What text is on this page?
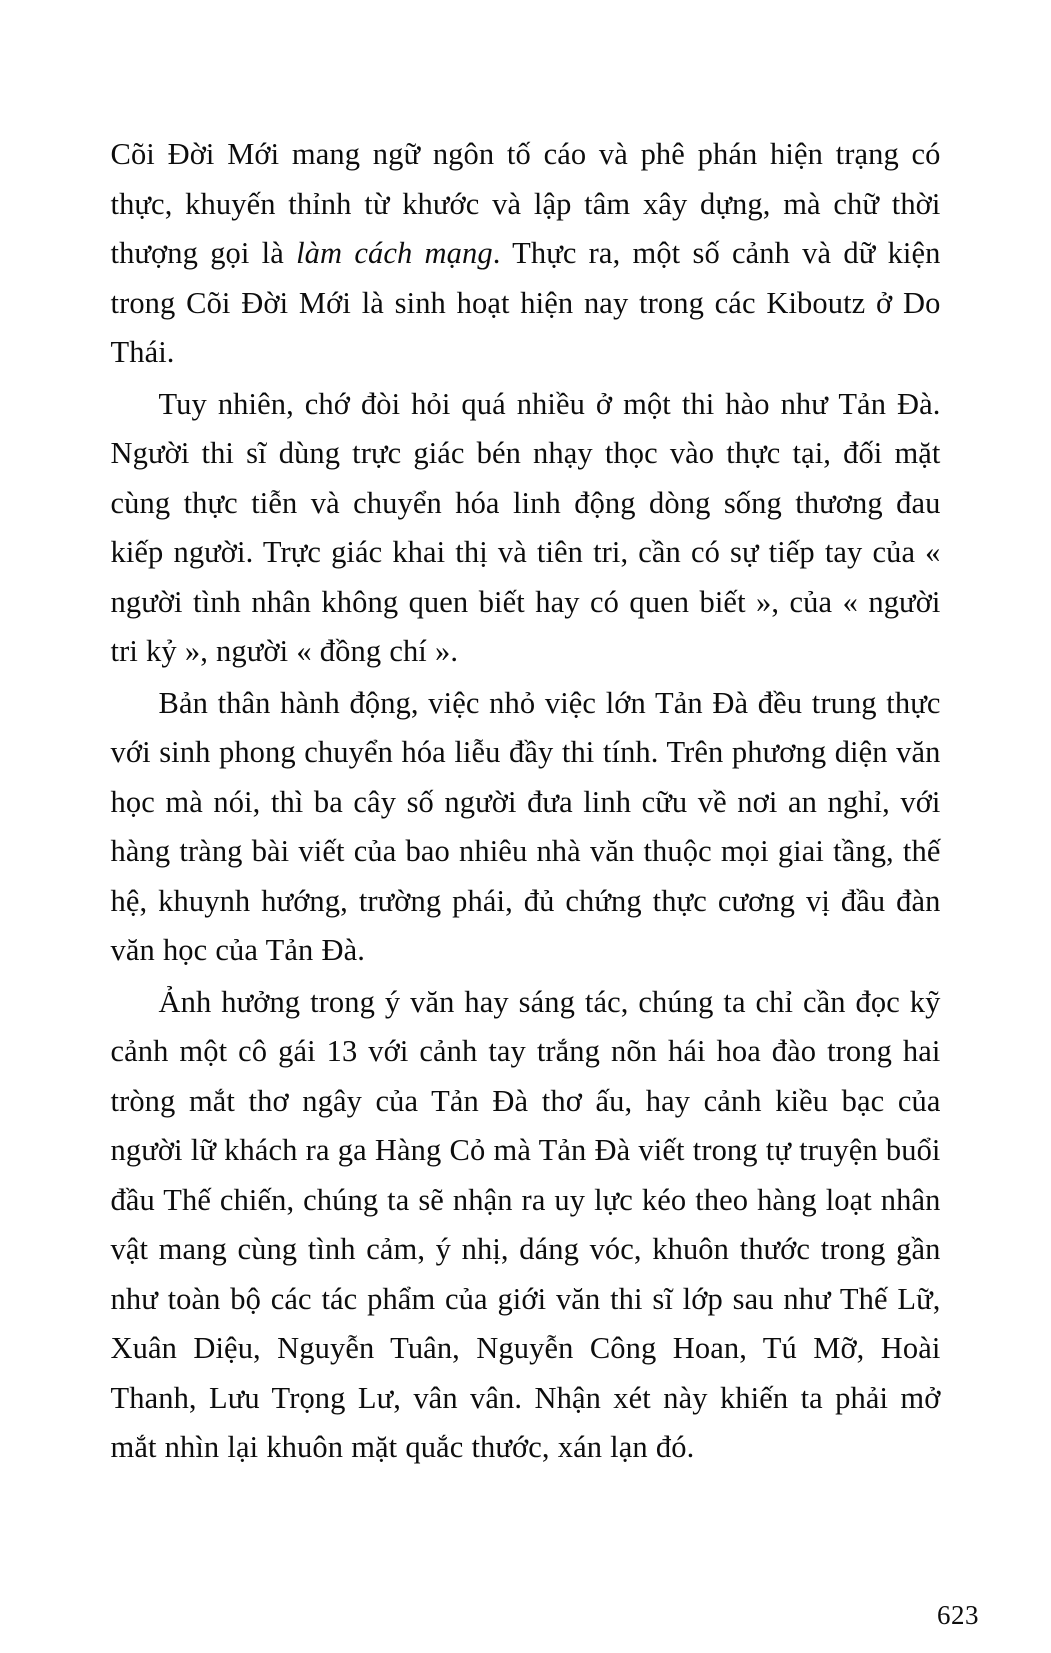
Cõi Đời Mới mang ngữ ngôn tố cáo và phê phán hiện trạng có thực, khuyến thỉnh từ khước và lập tâm xây dựng, mà chữ thời thượng gọi là làm cách mạng. Thực ra, một số cảnh và dữ kiện trong Cõi Đời Mới là sinh hoạt hiện nay trong các Kiboutz ở Do Thái.

Tuy nhiên, chớ đòi hỏi quá nhiều ở một thi hào như Tản Đà. Người thi sĩ dùng trực giác bén nhạy thọc vào thực tại, đối mặt cùng thực tiễn và chuyển hóa linh động dòng sống thương đau kiếp người. Trực giác khai thị và tiên tri, cần có sự tiếp tay của « người tình nhân không quen biết hay có quen biết », của « người tri kỷ », người « đồng chí ».

Bản thân hành động, việc nhỏ việc lớn Tản Đà đều trung thực với sinh phong chuyển hóa liễu đầy thi tính. Trên phương diện văn học mà nói, thì ba cây số người đưa linh cữu về nơi an nghỉ, với hàng tràng bài viết của bao nhiêu nhà văn thuộc mọi giai tầng, thế hệ, khuynh hướng, trường phái, đủ chứng thực cương vị đầu đàn văn học của Tản Đà.

Ảnh hưởng trong ý văn hay sáng tác, chúng ta chỉ cần đọc kỹ cảnh một cô gái 13 với cảnh tay trắng nõn hái hoa đào trong hai tròng mắt thơ ngây của Tản Đà thơ ấu, hay cảnh kiều bạc của người lữ khách ra ga Hàng Cỏ mà Tản Đà viết trong tự truyện buổi đầu Thế chiến, chúng ta sẽ nhận ra uy lực kéo theo hàng loạt nhân vật mang cùng tình cảm, ý nhị, dáng vóc, khuôn thước trong gần như toàn bộ các tác phẩm của giới văn thi sĩ lớp sau như Thế Lữ, Xuân Diệu, Nguyễn Tuân, Nguyễn Công Hoan, Tú Mỡ, Hoài Thanh, Lưu Trọng Lư, vân vân. Nhận xét này khiến ta phải mở mắt nhìn lại khuôn mặt quắc thước, xán lạn đó.

623
